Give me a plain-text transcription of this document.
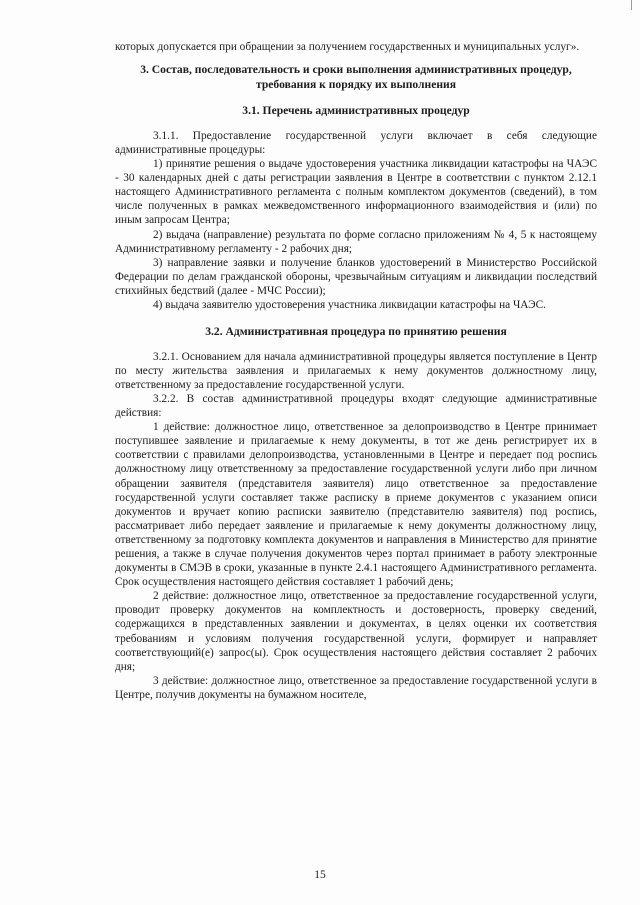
которых допускается при обращении за получением государственных и муниципальных услуг».

3. Состав, последовательность и сроки выполнения административных процедур, требования к порядку их выполнения
3.1. Перечень административных процедур

3.1.1. Предоставление государственной услуги включает в себя следующие административные процедуры:

1) принятие решения о выдаче удостоверения участника ликвидации катастрофы на ЧАЭС - 30 календарных дней с даты регистрации заявления в Центре в соответствии с пунктом 2.12.1 настоящего Административного регламента с полным комплектом документов (сведений), в том числе полученных в рамках межведомственного информационного взаимодействия и (или) по иным запросам Центра;

2) выдача (направление) результата по форме согласно приложениям № 4, 5 к настоящему Административному регламенту - 2 рабочих дня;

3) направление заявки и получение бланков удостоверений в Министерство Российской Федерации по делам гражданской обороны, чрезвычайным ситуациям и ликвидации последствий стихийных бедствий (далее - МЧС России);

4) выдача заявителю удостоверения участника ликвидации катастрофы на ЧАЭС.

3.2. Административная процедура по принятию решения

3.2.1. Основанием для начала административной процедуры является поступление в Центр по месту жительства заявления и прилагаемых к нему документов должностному лицу, ответственному за предоставление государственной услуги.

3.2.2. В состав административной процедуры входят следующие административные действия:

1 действие: должностное лицо, ответственное за делопроизводство в Центре принимает поступившее заявление и прилагаемые к нему документы, в тот же день регистрирует их в соответствии с правилами делопроизводства, установленными в Центре и передает под роспись должностному лицу ответственному за предоставление государственной услуги либо при личном обращении заявителя (представителя заявителя) лицо ответственное за предоставление государственной услуги составляет также расписку в приеме документов с указанием описи документов и вручает копию расписки заявителю (представителю заявителя) под роспись, рассматривает либо передает заявление и прилагаемые к нему документы должностному лицу, ответственному за подготовку комплекта документов и направления в Министерство для принятие решения, а также в случае получения документов через портал принимает в работу электронные документы в СМЭВ в сроки, указанные в пункте 2.4.1 настоящего Административного регламента. Срок осуществления настоящего действия составляет 1 рабочий день;

2 действие: должностное лицо, ответственное за предоставление государственной услуги, проводит проверку документов на комплектность и достоверность, проверку сведений, содержащихся в представленных заявлении и документах, в целях оценки их соответствия требованиям и условиям получения государственной услуги, формирует и направляет соответствующий(е) запрос(ы). Срок осуществления настоящего действия составляет 2 рабочих дня;

3 действие: должностное лицо, ответственное за предоставление государственной услуги в Центре, получив документы на бумажном носителе,

15
